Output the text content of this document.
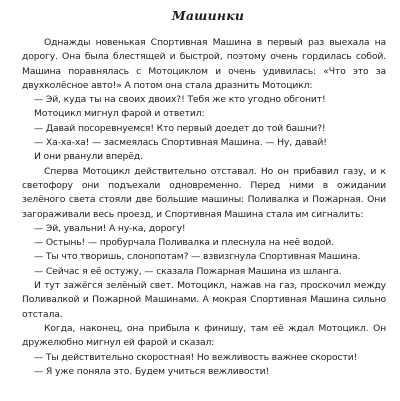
Машинки

Однажды новенькая Спортивная Машина в первый раз выехала на дорогу. Она была блестящей и быстрой, поэтому очень гордилась собой. Машина поравнялась с Мотоциклом и очень удивилась: «Что это за двухколёсное авто!» А потом она стала дразнить Мотоцикл:

— Эй, куда ты на своих двоих?! Тебя же кто угодно обгонит!

Мотоцикл мигнул фарой и ответил:

— Давай посоревнуемся! Кто первый доедет до той башни?!

— Ха-ха-ха! — засмеялась Спортивная Машина. — Ну, давай!

И они рванули вперёд.

Сперва Мотоцикл действительно отставал. Но он прибавил газу, и к светофору они подъехали одновременно. Перед ними в ожидании зелёного света стояли две большие машины: Поливалка и Пожарная. Они загораживали весь проезд, и Спортивная Машина стала им сигналить:

— Эй, увальни! А ну-ка, дорогу!

— Остынь! — пробурчала Поливалка и плеснула на неё водой.

— Ты что творишь, слонопотам? — взвизгнула Спортивная Машина.

— Сейчас я её остужу, — сказала Пожарная Машина из шланга.

И тут зажёгся зелёный свет. Мотоцикл, нажав на газ, проскочил между Поливалкой и Пожарной Машинами. А мокрая Спортивная Машина сильно отстала.

Когда, наконец, она прибыла к финишу, там её ждал Мотоцикл. Он дружелюбно мигнул ей фарой и сказал:

— Ты действительно скоростная! Но вежливость важнее скорости!

— Я уже поняла это. Будем учиться вежливости!
